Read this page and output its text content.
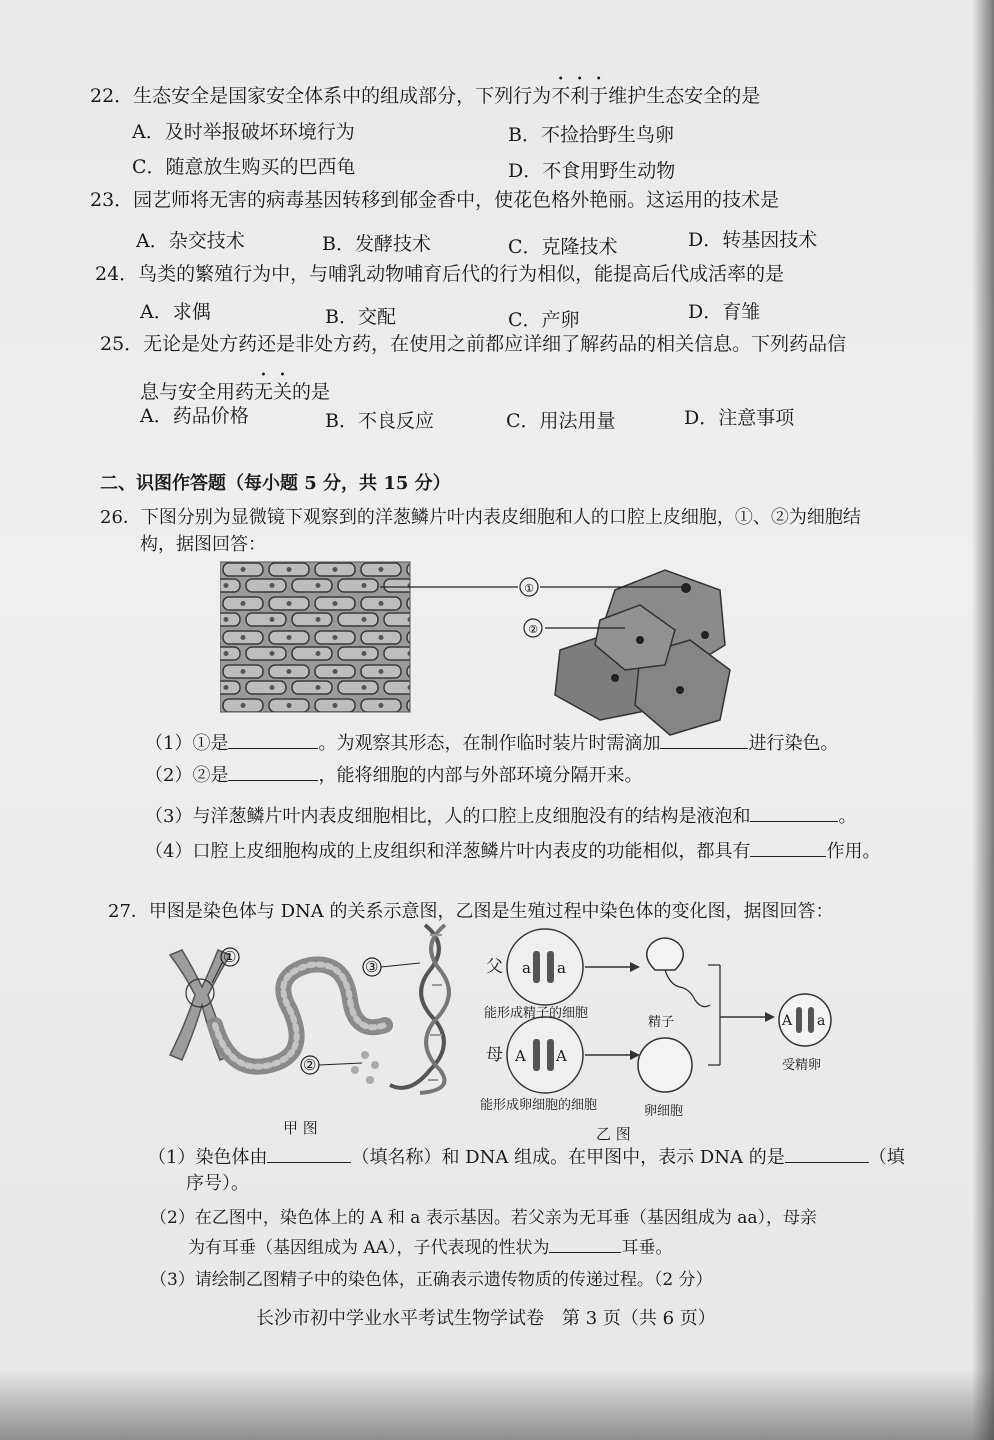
22．生态安全是国家安全体系中的组成部分，下列行为不利于维护生态安全的是
A．及时举报破坏环境行为	B．不捡拾野生鸟卵
C．随意放生购买的巴西龟	D．不食用野生动物
23．园艺师将无害的病毒基因转移到郁金香中，使花色格外艳丽。这运用的技术是
A．杂交技术	B．发酵技术	C．克隆技术	D．转基因技术
24．鸟类的繁殖行为中，与哺乳动物哺育后代的行为相似，能提高后代成活率的是
A．求偶	B．交配	C．产卵	D．育雏
25．无论是处方药还是非处方药，在使用之前都应详细了解药品的相关信息。下列药品信
息与安全用药无关的是
A．药品价格	B．不良反应	C．用法用量	D．注意事项
二、识图作答题（每小题 5 分，共 15 分）
26．下图分别为显微镜下观察到的洋葱鳞片叶内表皮细胞和人的口腔上皮细胞，①、②为细胞结
构，据图回答：
①
②
（1）①是	。为观察其形态，在制作临时装片时需滴加	进行染色。
（2）②是	，能将细胞的内部与外部环境分隔开来。
（3）与洋葱鳞片叶内表皮细胞相比，人的口腔上皮细胞没有的结构是液泡和	。
（4）口腔上皮细胞构成的上皮组织和洋葱鳞片叶内表皮的功能相似，都具有	作用。
27．甲图是染色体与 DNA 的关系示意图，乙图是生殖过程中染色体的变化图，据图回答：
①
③
②
甲 图
父 a a
能形成精子的细胞
精子
母 A A
能形成卵细胞的细胞	卵细胞
A a
受精卵
乙 图
（1）染色体由	（填名称）和 DNA 组成。在甲图中，表示 DNA 的是	（填
序号）。
（2）在乙图中，染色体上的 A 和 a 表示基因。若父亲为无耳垂（基因组成为 aa），母亲
为有耳垂（基因组成为 AA），子代表现的性状为	耳垂。
（3）请绘制乙图精子中的染色体，正确表示遗传物质的传递过程。（2 分）
长沙市初中学业水平考试生物学试卷　第 3 页（共 6 页）
